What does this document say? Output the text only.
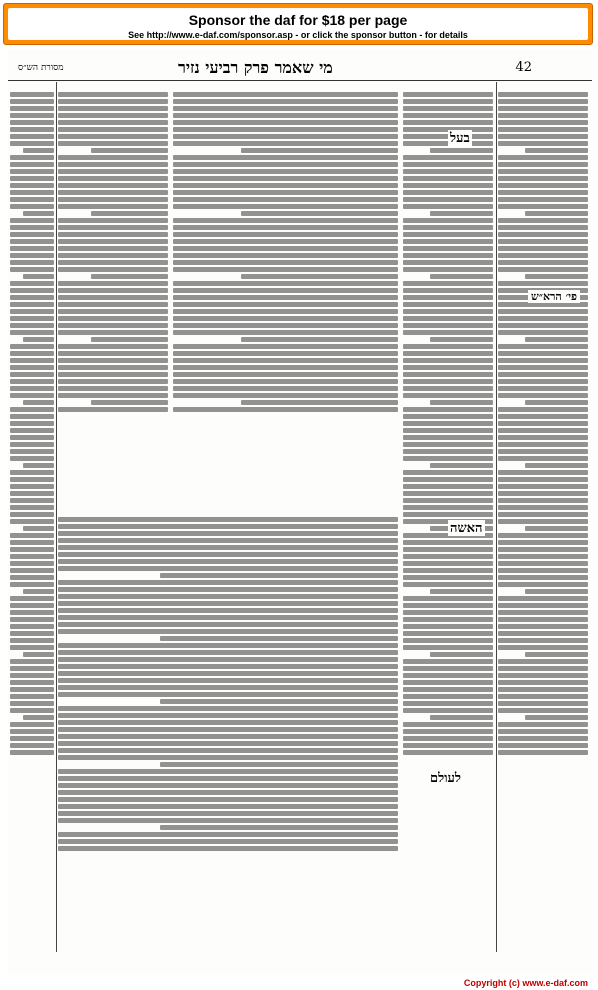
Sponsor the daf for $18 per page
See http://www.e-daf.com/sponsor.asp - or click the sponsor button - for details
מסורת הש״ס	מי שאמר פרק רביעי נזיר	42
פי׳ הרא״ש
בעל
האשה
לעולם
Copyright (c) www.e-daf.com
